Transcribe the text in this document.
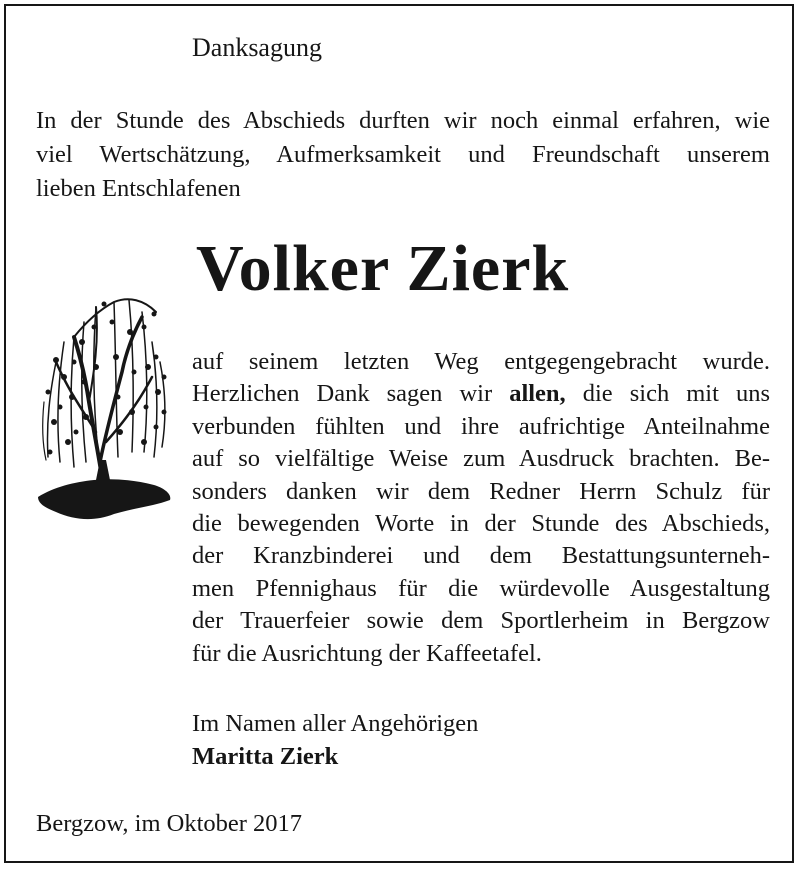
Danksagung

In der Stunde des Abschieds durften wir noch einmal erfahren, wie
viel Wertschätzung, Aufmerksamkeit und Freundschaft unserem
lieben Entschlafenen

Volker Zierk
auf seinem letzten Weg entgegengebracht wurde.
Herzlichen Dank sagen wir allen, die sich mit uns
verbunden fühlten und ihre aufrichtige Anteilnahme
auf so vielfältige Weise zum Ausdruck brachten. Be-
sonders danken wir dem Redner Herrn Schulz für
die bewegenden Worte in der Stunde des Abschieds,
der Kranzbinderei und dem Bestattungsunterneh-
men Pfennighaus für die würdevolle Ausgestaltung
der Trauerfeier sowie dem Sportlerheim in Bergzow
für die Ausrichtung der Kaffeetafel.
Im Namen aller Angehörigen
Maritta Zierk
Bergzow, im Oktober 2017
